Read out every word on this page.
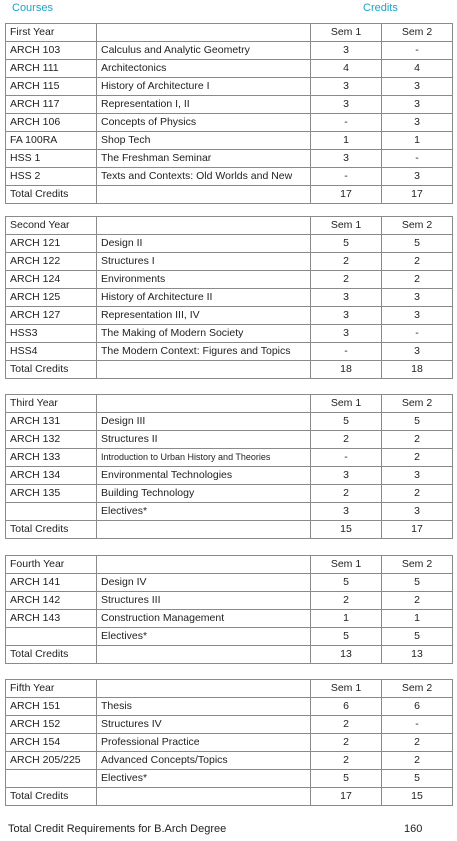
Courses	Credits
First Year		Sem 1	Sem 2
ARCH 103	Calculus and Analytic Geometry	3	-
ARCH 111	Architectonics	4	4
ARCH 115	History of Architecture I	3	3
ARCH 117	Representation I, II	3	3
ARCH 106	Concepts of Physics	-	3
FA 100RA	Shop Tech	1	1
HSS 1	The Freshman Seminar	3	-
HSS 2	Texts and Contexts: Old Worlds and New	-	3
Total Credits		17	17
Second Year		Sem 1	Sem 2
ARCH 121	Design II	5	5
ARCH 122	Structures I	2	2
ARCH 124	Environments	2	2
ARCH 125	History of Architecture II	3	3
ARCH 127	Representation III, IV	3	3
HSS3	The Making of Modern Society	3	-
HSS4	The Modern Context: Figures and Topics	-	3
Total Credits		18	18
Third Year		Sem 1	Sem 2
ARCH 131	Design III	5	5
ARCH 132	Structures II	2	2
ARCH 133	Introduction to Urban History and Theories	-	2
ARCH 134	Environmental Technologies	3	3
ARCH 135	Building Technology	2	2
	Electives*	3	3
Total Credits		15	17
Fourth Year		Sem 1	Sem 2
ARCH 141	Design IV	5	5
ARCH 142	Structures III	2	2
ARCH 143	Construction Management	1	1
	Electives*	5	5
Total Credits		13	13
Fifth Year		Sem 1	Sem 2
ARCH 151	Thesis	6	6
ARCH 152	Structures IV	2	-
ARCH 154	Professional Practice	2	2
ARCH 205/225	Advanced Concepts/Topics	2	2
	Electives*	5	5
Total Credits		17	15
Total Credit Requirements for B.Arch Degree	160
